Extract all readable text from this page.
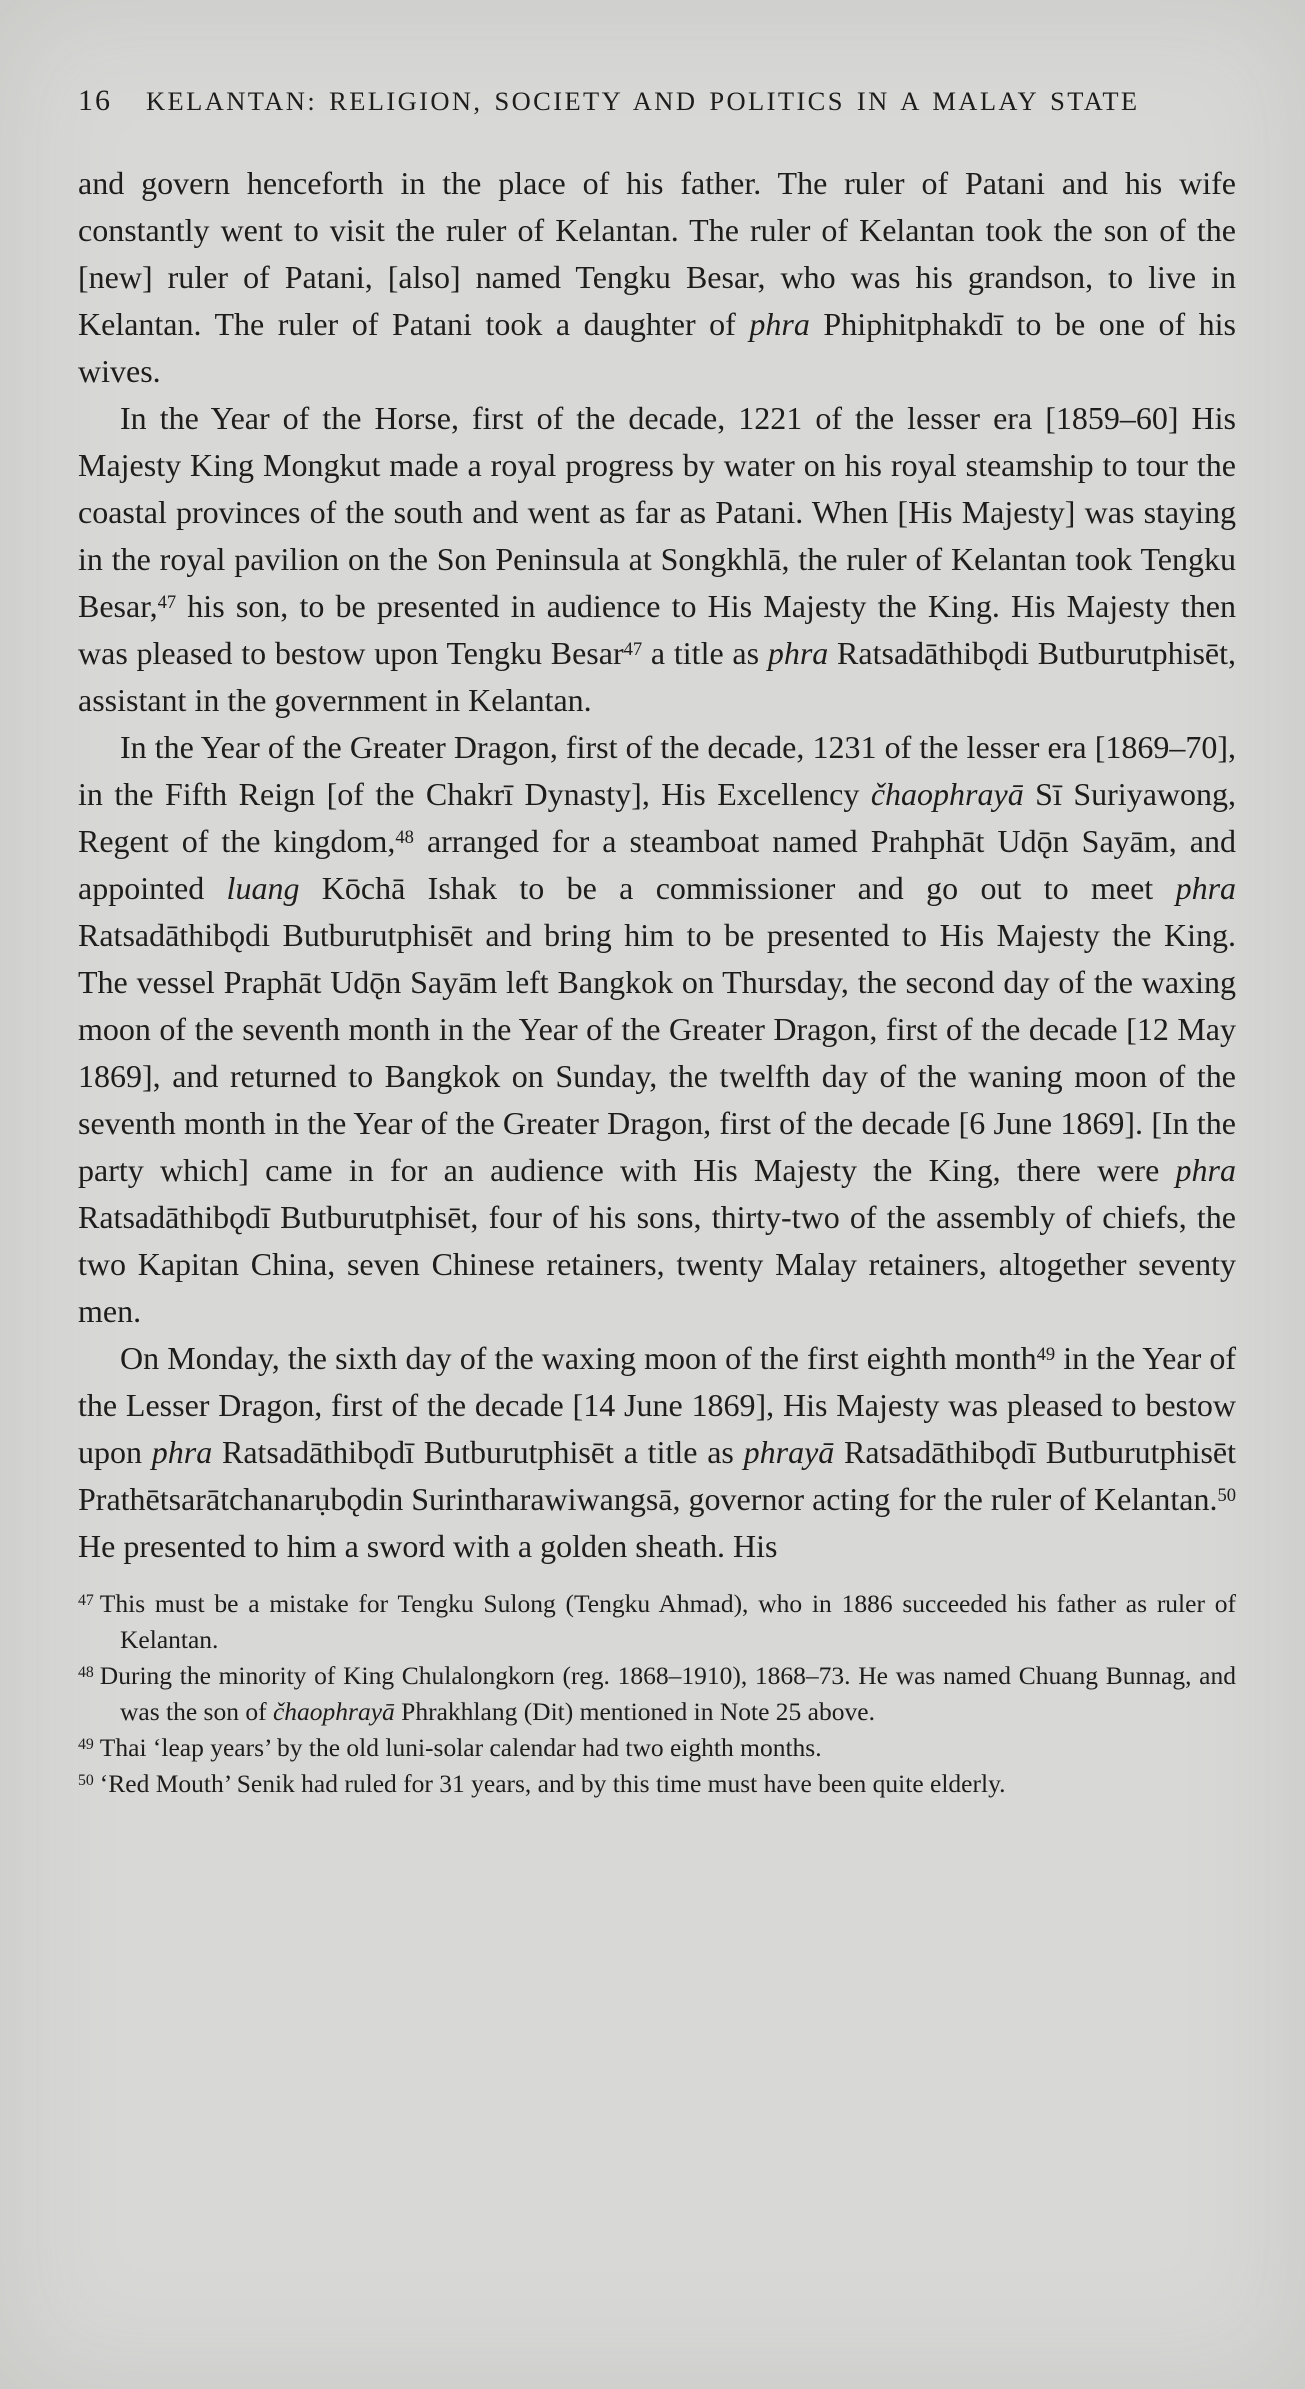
16 KELANTAN: RELIGION, SOCIETY AND POLITICS IN A MALAY STATE

and govern henceforth in the place of his father. The ruler of Patani and his wife constantly went to visit the ruler of Kelantan. The ruler of Kelantan took the son of the [new] ruler of Patani, [also] named Tengku Besar, who was his grandson, to live in Kelantan. The ruler of Patani took a daughter of phra Phiphitphakdī to be one of his wives.

In the Year of the Horse, first of the decade, 1221 of the lesser era [1859–60] His Majesty King Mongkut made a royal progress by water on his royal steamship to tour the coastal provinces of the south and went as far as Patani. When [His Majesty] was staying in the royal pavilion on the Son Peninsula at Songkhlā, the ruler of Kelantan took Tengku Besar,$^{47}$ his son, to be presented in audience to His Majesty the King. His Majesty then was pleased to bestow upon Tengku Besar$^{47}$ a title as phra Ratsadāthibǫdi Butburutphisēt, assistant in the government in Kelantan.

In the Year of the Greater Dragon, first of the decade, 1231 of the lesser era [1869–70], in the Fifth Reign [of the Chakrī Dynasty], His Excellency čhaophrayā Sī Suriyawong, Regent of the kingdom,$^{48}$ arranged for a steamboat named Prahphāt Udǭn Sayām, and appointed luang Kōchā Ishak to be a commissioner and go out to meet phra Ratsadāthibǫdi Butburutphisēt and bring him to be presented to His Majesty the King. The vessel Praphāt Udǭn Sayām left Bangkok on Thursday, the second day of the waxing moon of the seventh month in the Year of the Greater Dragon, first of the decade [12 May 1869], and returned to Bangkok on Sunday, the twelfth day of the waning moon of the seventh month in the Year of the Greater Dragon, first of the decade [6 June 1869]. [In the party which] came in for an audience with His Majesty the King, there were phra Ratsadāthibǫdī Butburutphisēt, four of his sons, thirty-two of the assembly of chiefs, the two Kapitan China, seven Chinese retainers, twenty Malay retainers, altogether seventy men.

On Monday, the sixth day of the waxing moon of the first eighth month$^{49}$ in the Year of the Lesser Dragon, first of the decade [14 June 1869], His Majesty was pleased to bestow upon phra Ratsadāthibǫdī Butburutphisēt a title as phrayā Ratsadāthibǫdī Butburutphisēt Prathētsarātchanarụbǫdin Surintharawiwangsā, governor acting for the ruler of Kelantan.$^{50}$ He presented to him a sword with a golden sheath. His

$^{47}$ This must be a mistake for Tengku Sulong (Tengku Ahmad), who in 1886 succeeded his father as ruler of Kelantan.

$^{48}$ During the minority of King Chulalongkorn (reg. 1868–1910), 1868–73. He was named Chuang Bunnag, and was the son of čhaophrayā Phrakhlang (Dit) mentioned in Note 25 above.

$^{49}$ Thai ‘leap years’ by the old luni-solar calendar had two eighth months.

$^{50}$ ‘Red Mouth’ Senik had ruled for 31 years, and by this time must have been quite elderly.
